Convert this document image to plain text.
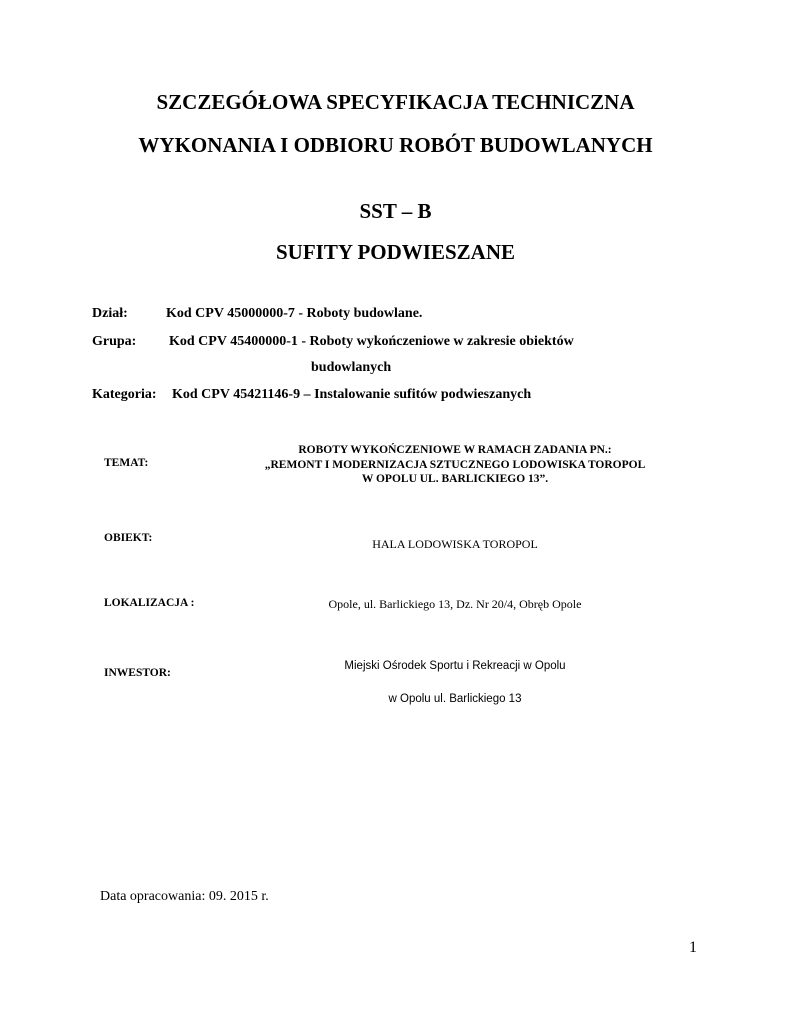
SZCZEGÓŁOWA SPECYFIKACJA TECHNICZNA
WYKONANIA I ODBIORU ROBÓT BUDOWLANYCH
SST – B
SUFITY PODWIESZANE
Dział:	Kod CPV 45000000-7 - Roboty budowlane.
Grupa: Kod CPV 45400000-1 - Roboty wykończeniowe w zakresie obiektów
budowlanych
Kategoria: Kod CPV 45421146-9 – Instalowanie sufitów podwieszanych
TEMAT:
ROBOTY WYKOŃCZENIOWE W RAMACH ZADANIA PN.:
„REMONT I MODERNIZACJA SZTUCZNEGO LODOWISKA TOROPOL
W OPOLU UL. BARLICKIEGO 13”.
OBIEKT:	HALA LODOWISKA TOROPOL
LOKALIZACJA :	Opole, ul. Barlickiego 13, Dz. Nr 20/4, Obręb Opole
INWESTOR:
Miejski Ośrodek Sportu i Rekreacji w Opolu
w Opolu ul. Barlickiego 13
Data opracowania: 09. 2015 r.
1
